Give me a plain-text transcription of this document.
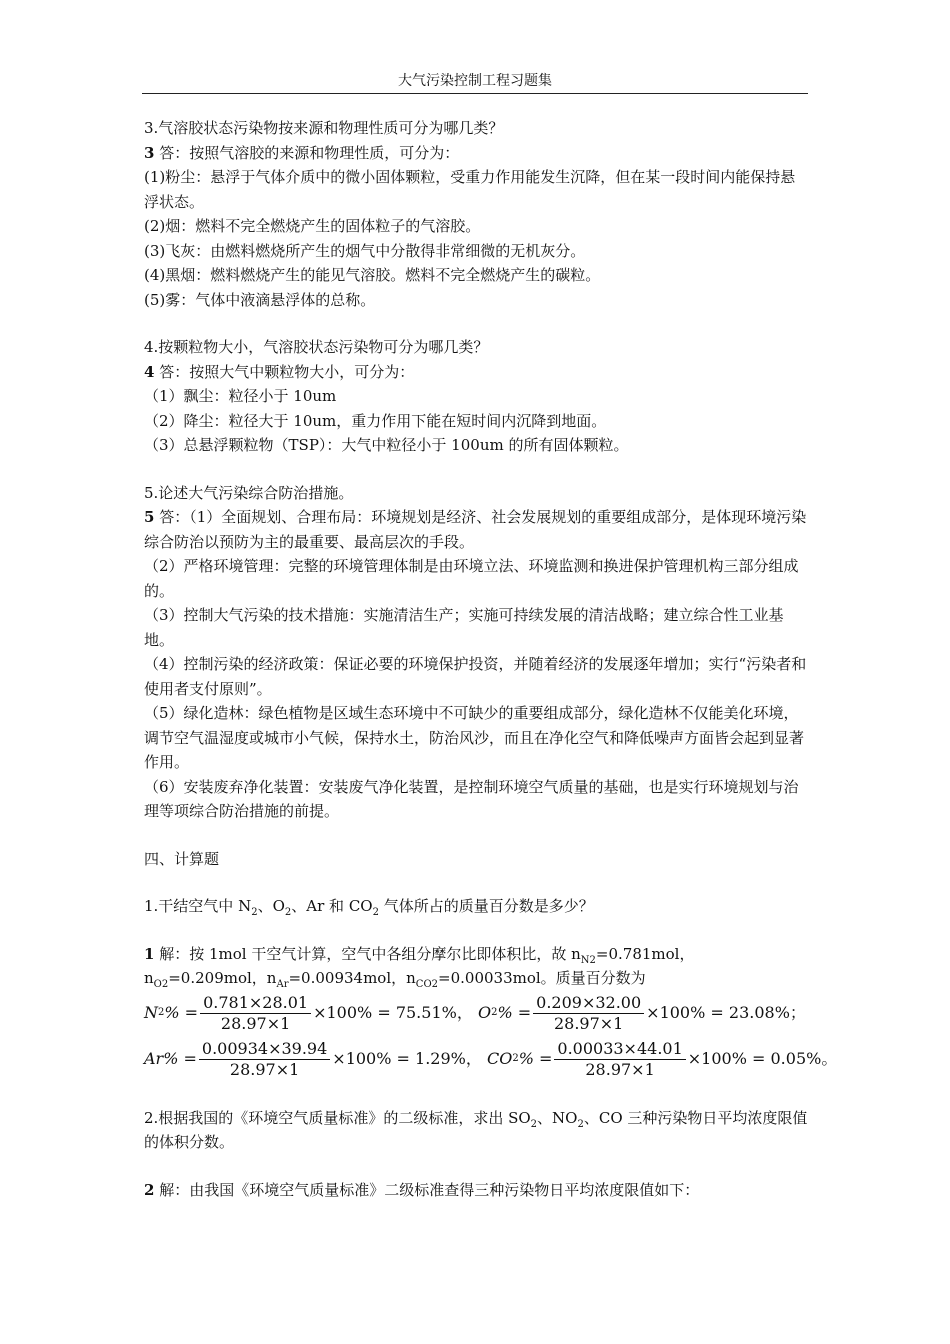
大气污染控制工程习题集

3.气溶胶状态污染物按来源和物理性质可分为哪几类？

3 答：按照气溶胶的来源和物理性质，可分为：

(1)粉尘：悬浮于气体介质中的微小固体颗粒，受重力作用能发生沉降，但在某一段时间内能保持悬浮状态。

(2)烟：燃料不完全燃烧产生的固体粒子的气溶胶。

(3)飞灰：由燃料燃烧所产生的烟气中分散得非常细微的无机灰分。

(4)黑烟：燃料燃烧产生的能见气溶胶。燃料不完全燃烧产生的碳粒。

(5)雾：气体中液滴悬浮体的总称。

4.按颗粒物大小，气溶胶状态污染物可分为哪几类？

4 答：按照大气中颗粒物大小，可分为：

（1）飘尘：粒径小于 10um

（2）降尘：粒径大于 10um，重力作用下能在短时间内沉降到地面。

（3）总悬浮颗粒物（TSP）：大气中粒径小于 100um 的所有固体颗粒。

5.论述大气污染综合防治措施。

5 答：（1）全面规划、合理布局：环境规划是经济、社会发展规划的重要组成部分，是体现环境污染综合防治以预防为主的最重要、最高层次的手段。

（2）严格环境管理：完整的环境管理体制是由环境立法、环境监测和换进保护管理机构三部分组成的。

（3）控制大气污染的技术措施：实施清洁生产；实施可持续发展的清洁战略；建立综合性工业基地。

（4）控制污染的经济政策：保证必要的环境保护投资，并随着经济的发展逐年增加；实行“污染者和使用者支付原则”。

（5）绿化造林：绿色植物是区域生态环境中不可缺少的重要组成部分，绿化造林不仅能美化环境，调节空气温湿度或城市小气候，保持水土，防治风沙，而且在净化空气和降低噪声方面皆会起到显著作用。

（6）安装废弃净化装置：安装废气净化装置，是控制环境空气质量的基础，也是实行环境规划与治理等项综合防治措施的前提。

四、计算题

1.干结空气中 $N_2$、$O_2$、Ar 和 $CO_2$ 气体所占的质量百分数是多少？

1 解：按 1mol 干空气计算，空气中各组分摩尔比即体积比，故 $n_{N2}=0.781mol$，$n_{O2}=0.209mol$，$n_{Ar}=0.00934mol$，$n_{CO2}=0.00033mol$。质量百分数为

N 2 %
= $\frac{0.781\times 28.01}{28.97\times 1} \times 100\% = 75.51\%$ ，
O 2 %
= $\frac{0.209\times 32.00}{28.97\times 1} \times 100\% = 23.08\%$ ；
Ar%
= $\frac{0.00934\times 39.94}{28.97\times 1} \times 100\% = 1.29\%$ ，
CO 2 %
= $\frac{0.00033\times 44.01}{28.97\times 1} \times 100\% = 0.05\%$ 。

2.根据我国的《环境空气质量标准》的二级标准，求出 $SO_2$、$NO_2$、CO 三种污染物日平均浓度限值的体积分数。

2 解：由我国《环境空气质量标准》二级标准查得三种污染物日平均浓度限值如下：
